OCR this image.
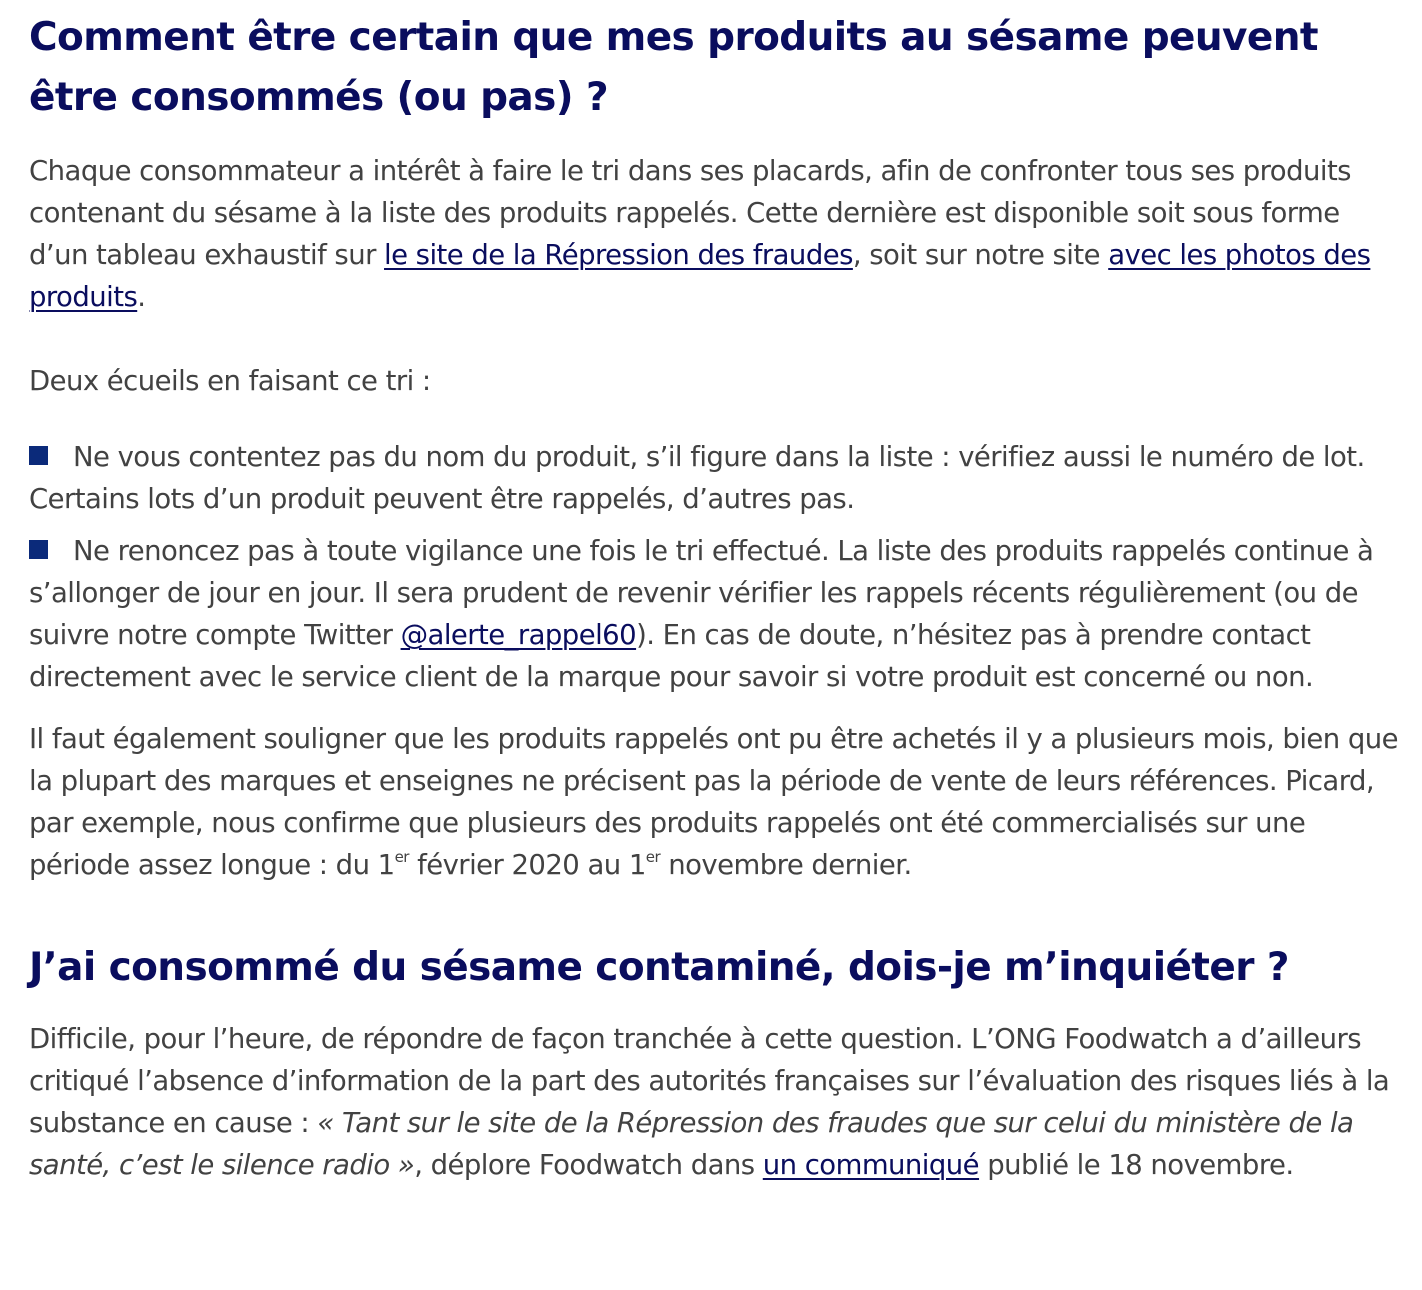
Comment être certain que mes produits au sésame peuvent être consommés (ou pas) ?

Chaque consommateur a intérêt à faire le tri dans ses placards, afin de confronter tous ses produits contenant du sésame à la liste des produits rappelés. Cette dernière est disponible soit sous forme d’un tableau exhaustif sur le site de la Répression des fraudes, soit sur notre site avec les photos des produits.

Deux écueils en faisant ce tri :

Ne vous contentez pas du nom du produit, s’il figure dans la liste : vérifiez aussi le numéro de lot. Certains lots d’un produit peuvent être rappelés, d’autres pas.
Ne renoncez pas à toute vigilance une fois le tri effectué. La liste des produits rappelés continue à s’allonger de jour en jour. Il sera prudent de revenir vérifier les rappels récents régulièrement (ou de suivre notre compte Twitter @alerte_rappel60). En cas de doute, n’hésitez pas à prendre contact directement avec le service client de la marque pour savoir si votre produit est concerné ou non.

Il faut également souligner que les produits rappelés ont pu être achetés il y a plusieurs mois, bien que la plupart des marques et enseignes ne précisent pas la période de vente de leurs références. Picard, par exemple, nous confirme que plusieurs des produits rappelés ont été commercialisés sur une période assez longue : du 1er février 2020 au 1er novembre dernier.

J’ai consommé du sésame contaminé, dois-je m’inquiéter ?

Difficile, pour l’heure, de répondre de façon tranchée à cette question. L’ONG Foodwatch a d’ailleurs critiqué l’absence d’information de la part des autorités françaises sur l’évaluation des risques liés à la substance en cause : « Tant sur le site de la Répression des fraudes que sur celui du ministère de la santé, c’est le silence radio », déplore Foodwatch dans un communiqué publié le 18 novembre.
